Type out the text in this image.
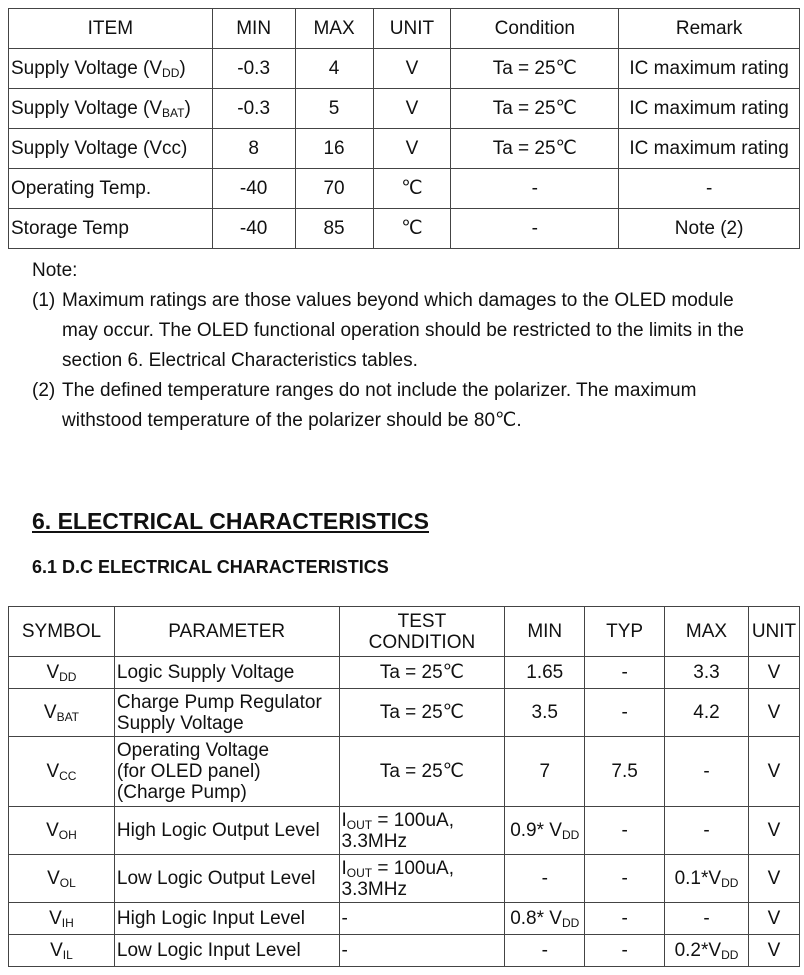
ITEM	MIN	MAX	UNIT	Condition	Remark
Supply Voltage $(V_{DD})$	-0.3	4	V	Ta = 25℃	IC maximum rating
Supply Voltage $(V_{BAT})$	-0.3	5	V	Ta = 25℃	IC maximum rating
Supply Voltage (Vcc)	8	16	V	Ta = 25℃	IC maximum rating
Operating Temp.	-40	70	℃	-	-
Storage Temp	-40	85	℃	-	Note (2)
Note:
(1) Maximum ratings are those values beyond which damages to the OLED module may occur. The OLED functional operation should be restricted to the limits in the section 6. Electrical Characteristics tables.
(2) The defined temperature ranges do not include the polarizer. The maximum withstood temperature of the polarizer should be 80℃.
6. ELECTRICAL CHARACTERISTICS
6.1 D.C ELECTRICAL CHARACTERISTICS
SYMBOL	PARAMETER	TEST
CONDITION	MIN	TYP	MAX	UNIT
$V_{DD}$	Logic Supply Voltage	Ta = 25℃	1.65	-	3.3	V
$V_{BAT}$	Charge Pump Regulator
Supply Voltage	Ta = 25℃	3.5	-	4.2	V
$V_{CC}$	Operating Voltage
(for OLED panel)
(Charge Pump)	Ta = 25℃	7	7.5	-	V
$V_{OH}$	High Logic Output Level	$I_{OUT} = 100uA$,
3.3MHz	0.9* $V_{DD}$	-	-	V
$V_{OL}$	Low Logic Output Level	$I_{OUT} = 100uA$,
3.3MHz	-	-	$0.1*V_{DD}$	V
$V_{IH}$	High Logic Input Level	-	0.8* $V_{DD}$	-	-	V
$V_{IL}$	Low Logic Input Level	-	-	-	$0.2*V_{DD}$	V
